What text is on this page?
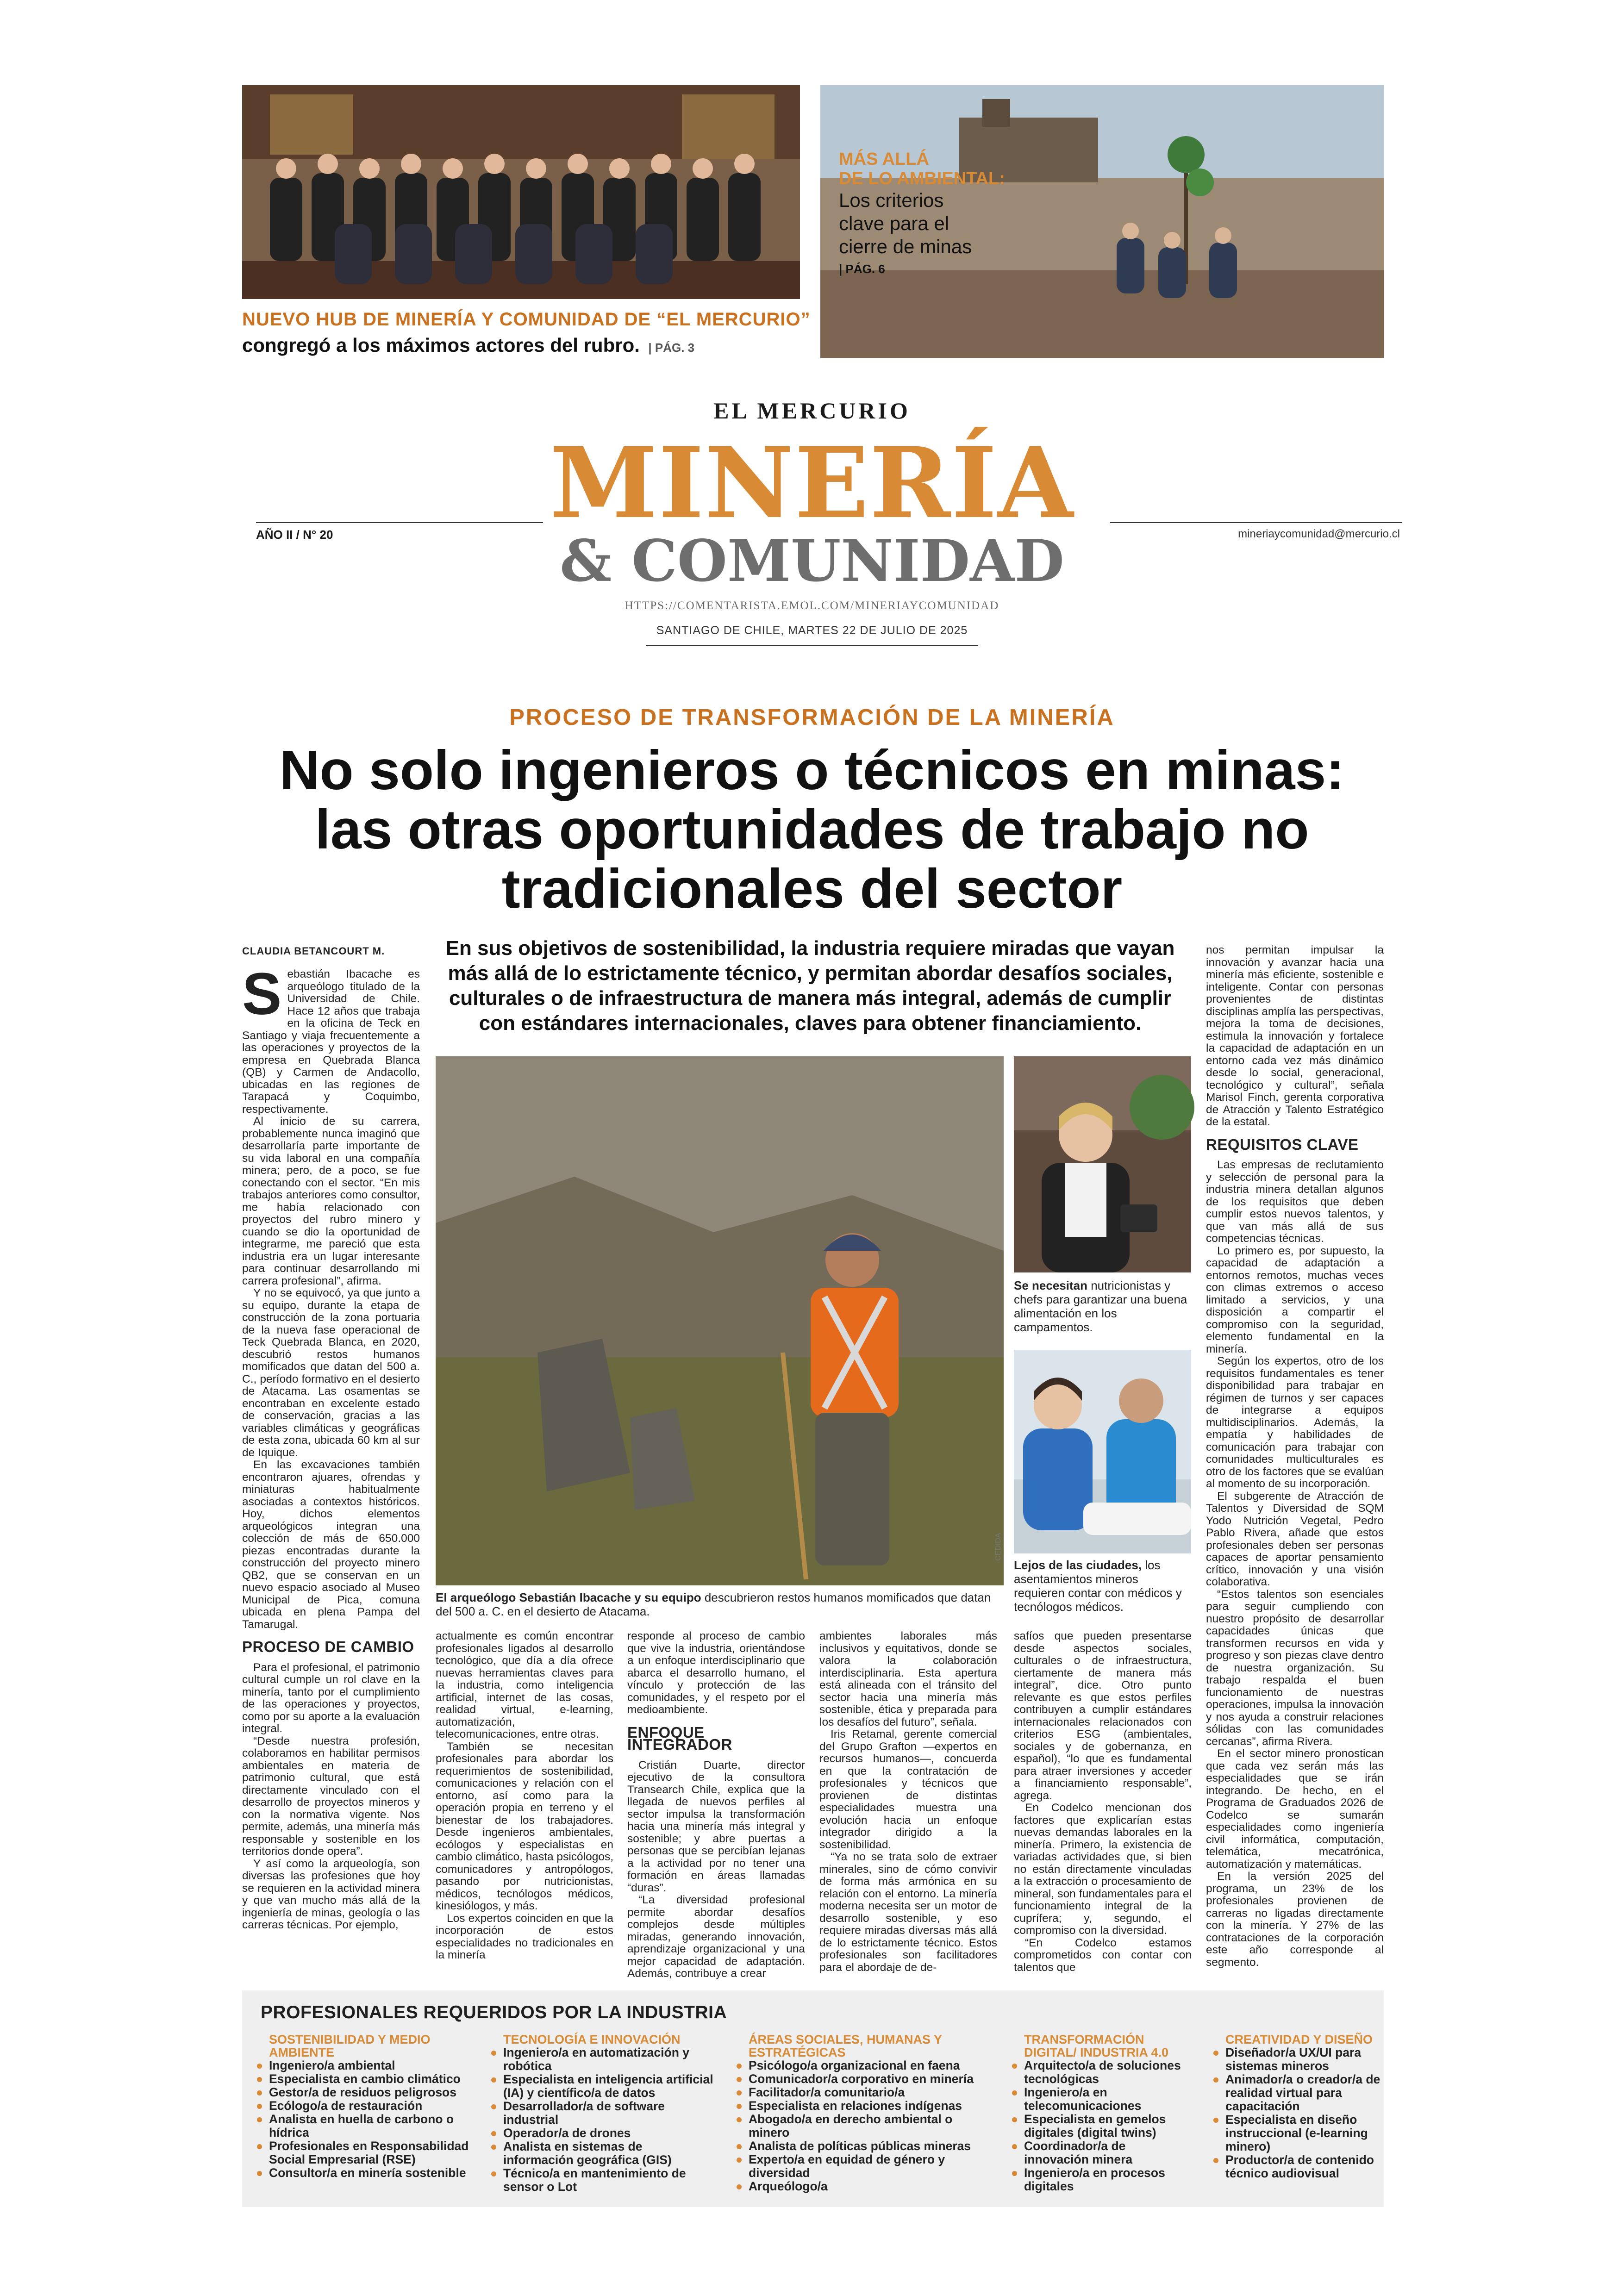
NUEVO HUB DE MINERÍA Y COMUNIDAD DE “EL MERCURIO”
congregó a los máximos actores del rubro. | PÁG. 3
MÁS ALLÁ
DE LO AMBIENTAL:
Los criterios
clave para el
cierre de minas
| PÁG. 6
EL MERCURIO
MINERÍA
AÑO II / N° 20	mineriaycomunidad@mercurio.cl
& COMUNIDAD
HTTPS://COMENTARISTA.EMOL.COM/MINERIAYCOMUNIDAD
SANTIAGO DE CHILE, MARTES 22 DE JULIO DE 2025
PROCESO DE TRANSFORMACIÓN DE LA MINERÍA
No solo ingenieros o técnicos en minas:
las otras oportunidades de trabajo no
tradicionales del sector
CLAUDIA BETANCOURT M.	En sus objetivos de sostenibilidad, la industria requiere miradas que vayan más allá de lo estrictamente técnico, y permitan abordar desafíos sociales, culturales o de infraestructura de manera más integral, además de cumplir con estándares internacionales, claves para obtener financiamiento.
El arqueólogo Sebastián Ibacache y su equipo descubrieron restos humanos momificados que datan del 500 a. C. en el desierto de Atacama.
Se necesitan nutricionistas y chefs para garantizar una buena alimentación en los campamentos.
CEDIDA
Lejos de las ciudades, los asentamientos mineros requieren contar con médicos y tecnólogos médicos.

Sebastián Ibacache es arqueólogo titulado de la Universidad de Chile. Hace 12 años que trabaja en la oficina de Teck en Santiago y viaja frecuentemente a las operaciones y proyectos de la empresa en Quebrada Blanca (QB) y Carmen de Andacollo, ubicadas en las regiones de Tarapacá y Coquimbo, respectivamente.

Al inicio de su carrera, probablemente nunca imaginó que desarrollaría parte importante de su vida laboral en una compañía minera; pero, de a poco, se fue conectando con el sector. “En mis trabajos anteriores como consultor, me había relacionado con proyectos del rubro minero y cuando se dio la oportunidad de integrarme, me pareció que esta industria era un lugar interesante para continuar desarrollando mi carrera profesional”, afirma.

Y no se equivocó, ya que junto a su equipo, durante la etapa de construcción de la zona portuaria de la nueva fase operacional de Teck Quebrada Blanca, en 2020, descubrió restos humanos momificados que datan del 500 a. C., período formativo en el desierto de Atacama. Las osamentas se encontraban en excelente estado de conservación, gracias a las variables climáticas y geográficas de esta zona, ubicada 60 km al sur de Iquique.

En las excavaciones también encontraron ajuares, ofrendas y miniaturas habitualmente asociadas a contextos históricos. Hoy, dichos elementos arqueológicos integran una colección de más de 650.000 piezas encontradas durante la construcción del proyecto minero QB2, que se conservan en un nuevo espacio asociado al Museo Municipal de Pica, comuna ubicada en plena Pampa del Tamarugal.

PROCESO DE CAMBIO

Para el profesional, el patrimonio cultural cumple un rol clave en la minería, tanto por el cumplimiento de las operaciones y proyectos, como por su aporte a la evaluación integral.

“Desde nuestra profesión, colaboramos en habilitar permisos ambientales en materia de patrimonio cultural, que está directamente vinculado con el desarrollo de proyectos mineros y con la normativa vigente. Nos permite, además, una minería más responsable y sostenible en los territorios donde opera”.

Y así como la arqueología, son diversas las profesiones que hoy se requieren en la actividad minera y que van mucho más allá de la ingeniería de minas, geología o las carreras técnicas. Por ejemplo,

actualmente es común encontrar profesionales ligados al desarrollo tecnológico, que día a día ofrece nuevas herramientas claves para la industria, como inteligencia artificial, internet de las cosas, realidad virtual, e-learning, automatización, telecomunicaciones, entre otras.

También se necesitan profesionales para abordar los requerimientos de sostenibilidad, comunicaciones y relación con el entorno, así como para la operación propia en terreno y el bienestar de los trabajadores. Desde ingenieros ambientales, ecólogos y especialistas en cambio climático, hasta psicólogos, comunicadores y antropólogos, pasando por nutricionistas, médicos, tecnólogos médicos, kinesiólogos, y más.

Los expertos coinciden en que la incorporación de estos especialidades no tradicionales en la minería

responde al proceso de cambio que vive la industria, orientándose a un enfoque interdisciplinario que abarca el desarrollo humano, el vínculo y protección de las comunidades, y el respeto por el medioambiente.

ENFOQUE INTEGRADOR

Cristián Duarte, director ejecutivo de la consultora Transearch Chile, explica que la llegada de nuevos perfiles al sector impulsa la transformación hacia una minería más integral y sostenible; y abre puertas a personas que se percibían lejanas a la actividad por no tener una formación en áreas llamadas “duras”.

“La diversidad profesional permite abordar desafíos complejos desde múltiples miradas, generando innovación, aprendizaje organizacional y una mejor capacidad de adaptación. Además, contribuye a crear

ambientes laborales más inclusivos y equitativos, donde se valora la colaboración interdisciplinaria. Esta apertura está alineada con el tránsito del sector hacia una minería más sostenible, ética y preparada para los desafíos del futuro”, señala.

Iris Retamal, gerente comercial del Grupo Grafton —expertos en recursos humanos—, concuerda en que la contratación de profesionales y técnicos que provienen de distintas especialidades muestra una evolución hacia un enfoque integrador dirigido a la sostenibilidad.

“Ya no se trata solo de extraer minerales, sino de cómo convivir de forma más armónica en su relación con el entorno. La minería moderna necesita ser un motor de desarrollo sostenible, y eso requiere miradas diversas más allá de lo estrictamente técnico. Estos profesionales son facilitadores para el abordaje de de-

safíos que pueden presentarse desde aspectos sociales, culturales o de infraestructura, ciertamente de manera más integral”, dice. Otro punto relevante es que estos perfiles contribuyen a cumplir estándares internacionales relacionados con criterios ESG (ambientales, sociales y de gobernanza, en español), “lo que es fundamental para atraer inversiones y acceder a financiamiento responsable”, agrega.

En Codelco mencionan dos factores que explicarían estas nuevas demandas laborales en la minería. Primero, la existencia de variadas actividades que, si bien no están directamente vinculadas a la extracción o procesamiento de mineral, son fundamentales para el funcionamiento integral de la cuprífera; y, segundo, el compromiso con la diversidad.

“En Codelco estamos comprometidos con contar con talentos que

nos permitan impulsar la innovación y avanzar hacia una minería más eficiente, sostenible e inteligente. Contar con personas provenientes de distintas disciplinas amplía las perspectivas, mejora la toma de decisiones, estimula la innovación y fortalece la capacidad de adaptación en un entorno cada vez más dinámico desde lo social, generacional, tecnológico y cultural”, señala Marisol Finch, gerenta corporativa de Atracción y Talento Estratégico de la estatal.

REQUISITOS CLAVE

Las empresas de reclutamiento y selección de personal para la industria minera detallan algunos de los requisitos que deben cumplir estos nuevos talentos, y que van más allá de sus competencias técnicas.

Lo primero es, por supuesto, la capacidad de adaptación a entornos remotos, muchas veces con climas extremos o acceso limitado a servicios, y una disposición a compartir el compromiso con la seguridad, elemento fundamental en la minería.

Según los expertos, otro de los requisitos fundamentales es tener disponibilidad para trabajar en régimen de turnos y ser capaces de integrarse a equipos multidisciplinarios. Además, la empatía y habilidades de comunicación para trabajar con comunidades multiculturales es otro de los factores que se evalúan al momento de su incorporación.

El subgerente de Atracción de Talentos y Diversidad de SQM Yodo Nutrición Vegetal, Pedro Pablo Rivera, añade que estos profesionales deben ser personas capaces de aportar pensamiento crítico, innovación y una visión colaborativa.

“Estos talentos son esenciales para seguir cumpliendo con nuestro propósito de desarrollar capacidades únicas que transformen recursos en vida y progreso y son piezas clave dentro de nuestra organización. Su trabajo respalda el buen funcionamiento de nuestras operaciones, impulsa la innovación y nos ayuda a construir relaciones sólidas con las comunidades cercanas”, afirma Rivera.

En el sector minero pronostican que cada vez serán más las especialidades que se irán integrando. De hecho, en el Programa de Graduados 2026 de Codelco se sumarán especialidades como ingeniería civil informática, computación, telemática, mecatrónica, automatización y matemáticas.

En la versión 2025 del programa, un 23% de los profesionales provienen de carreras no ligadas directamente con la minería. Y 27% de las contrataciones de la corporación este año corresponde al segmento.

PROFESIONALES REQUERIDOS POR LA INDUSTRIA
SOSTENIBILIDAD Y MEDIO AMBIENTE
Ingeniero/a ambiental
Especialista en cambio climático
Gestor/a de residuos peligrosos
Ecólogo/a de restauración
Analista en huella de carbono o hídrica
Profesionales en Responsabilidad Social Empresarial (RSE)
Consultor/a en minería sostenible
TECNOLOGÍA E INNOVACIÓN
Ingeniero/a en automatización y robótica
Especialista en inteligencia artificial (IA) y científico/a de datos
Desarrollador/a de software industrial
Operador/a de drones
Analista en sistemas de información geográfica (GIS)
Técnico/a en mantenimiento de sensor o Lot
ÁREAS SOCIALES, HUMANAS Y ESTRATÉGICAS
Psicólogo/a organizacional en faena
Comunicador/a corporativo en minería
Facilitador/a comunitario/a
Especialista en relaciones indígenas
Abogado/a en derecho ambiental o minero
Analista de políticas públicas mineras
Experto/a en equidad de género y diversidad
Arqueólogo/a
TRANSFORMACIÓN DIGITAL/ INDUSTRIA 4.0
Arquitecto/a de soluciones tecnológicas
Ingeniero/a en telecomunicaciones
Especialista en gemelos digitales (digital twins)
Coordinador/a de innovación minera
Ingeniero/a en procesos digitales
CREATIVIDAD Y DISEÑO
Diseñador/a UX/UI para sistemas mineros
Animador/a o creador/a de realidad virtual para capacitación
Especialista en diseño instruccional (e-learning minero)
Productor/a de contenido técnico audiovisual
